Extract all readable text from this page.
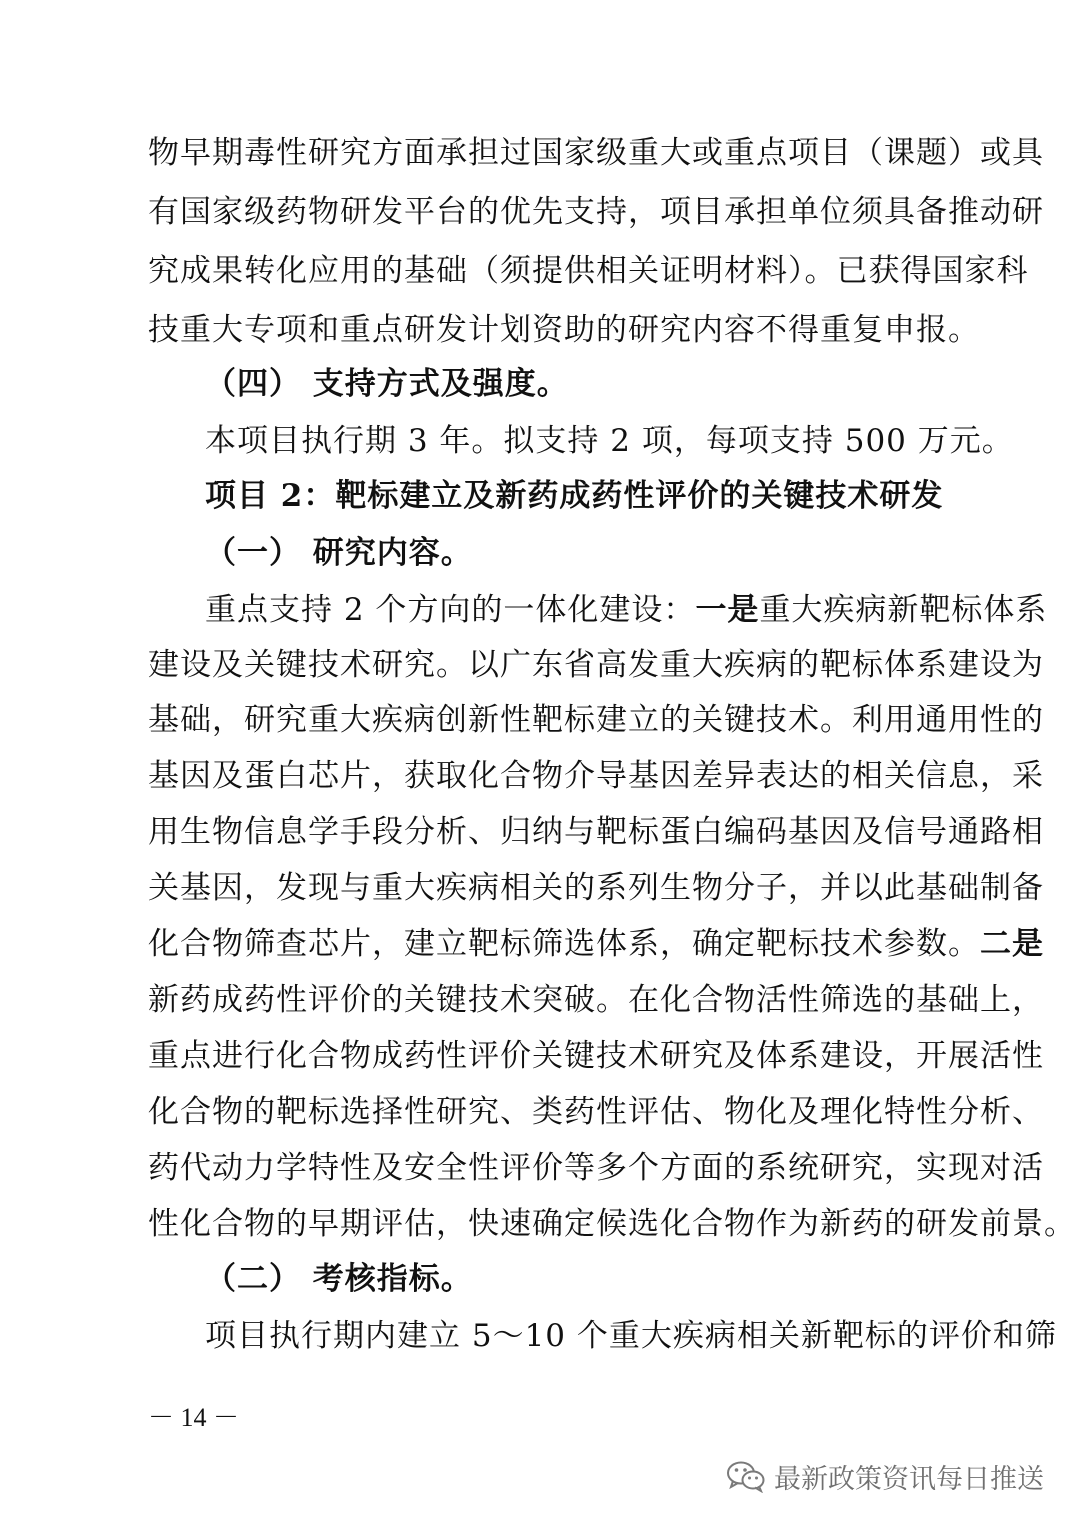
物早期毒性研究方面承担过国家级重大或重点项目（课题）或具
有国家级药物研发平台的优先支持，项目承担单位须具备推动研
究成果转化应用的基础（须提供相关证明材料）。已获得国家科
技重大专项和重点研发计划资助的研究内容不得重复申报。
（四） 支持方式及强度。
本项目执行期 3 年。拟支持 2 项，每项支持 500 万元。
项目 2：靶标建立及新药成药性评价的关键技术研发
（一） 研究内容。
重点支持 2 个方向的一体化建设：一是重大疾病新靶标体系
建设及关键技术研究。以广东省高发重大疾病的靶标体系建设为
基础，研究重大疾病创新性靶标建立的关键技术。利用通用性的
基因及蛋白芯片，获取化合物介导基因差异表达的相关信息，采
用生物信息学手段分析、归纳与靶标蛋白编码基因及信号通路相
关基因，发现与重大疾病相关的系列生物分子，并以此基础制备
化合物筛查芯片，建立靶标筛选体系，确定靶标技术参数。二是
新药成药性评价的关键技术突破。在化合物活性筛选的基础上，
重点进行化合物成药性评价关键技术研究及体系建设，开展活性
化合物的靶标选择性研究、类药性评估、物化及理化特性分析、
药代动力学特性及安全性评价等多个方面的系统研究，实现对活
性化合物的早期评估，快速确定候选化合物作为新药的研发前景。
（二） 考核指标。
项目执行期内建立 5～10 个重大疾病相关新靶标的评价和筛
－ 14 －
最新政策资讯每日推送
